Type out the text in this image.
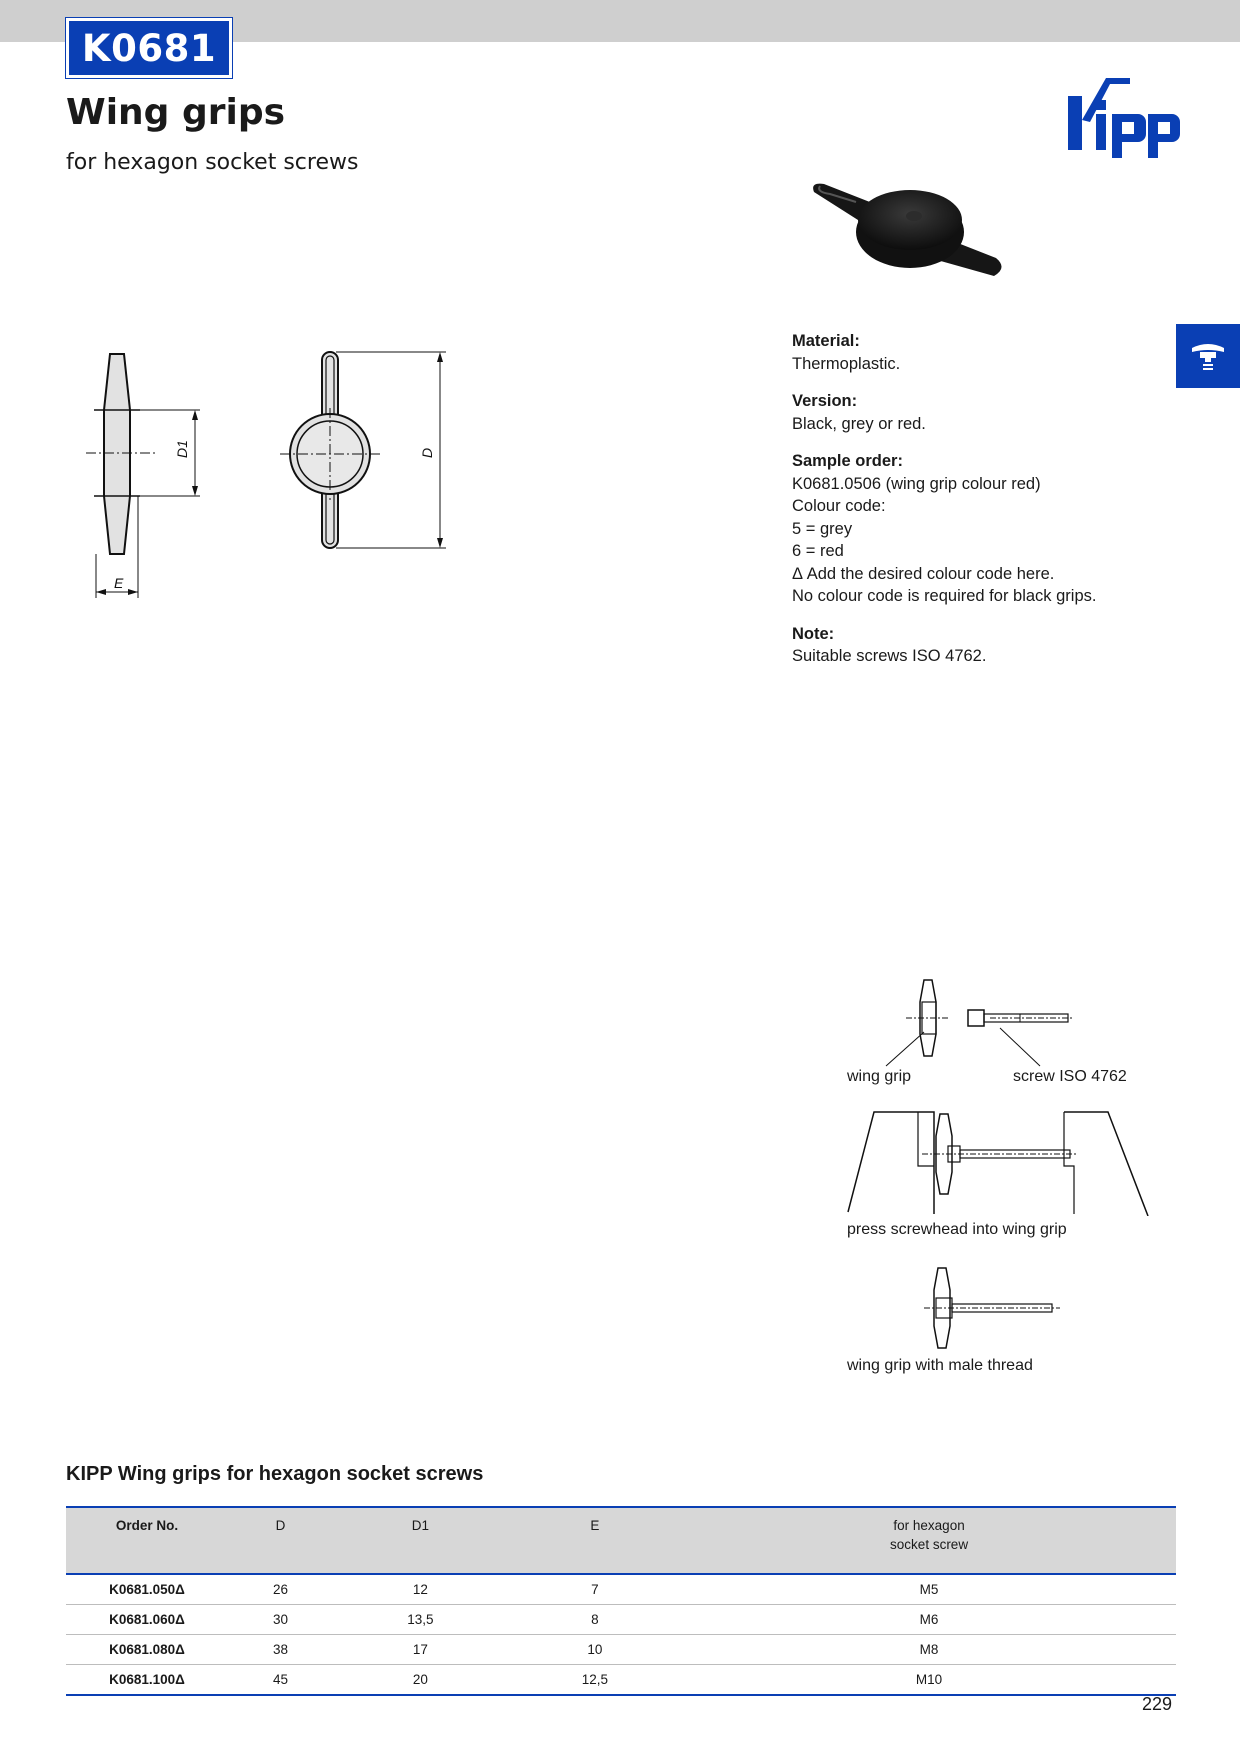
K0681
Wing grips
for hexagon socket screws
D1
E
D
Material:
Thermoplastic.
Version:
Black, grey or red.
Sample order:
K0681.0506 (wing grip colour red)
Colour code:
5 = grey
6 = red
Δ Add the desired colour code here.
No colour code is required for black grips.
Note:
Suitable screws ISO 4762.
wing grip	screw ISO 4762
press screwhead into wing grip
wing grip with male thread
KIPP Wing grips for hexagon socket screws
Order No.	D	D1	E	for hexagon
socket screw
K0681.050Δ	26	12	7	M5
K0681.060Δ	30	13,5	8	M6
K0681.080Δ	38	17	10	M8
K0681.100Δ	45	20	12,5	M10
229
